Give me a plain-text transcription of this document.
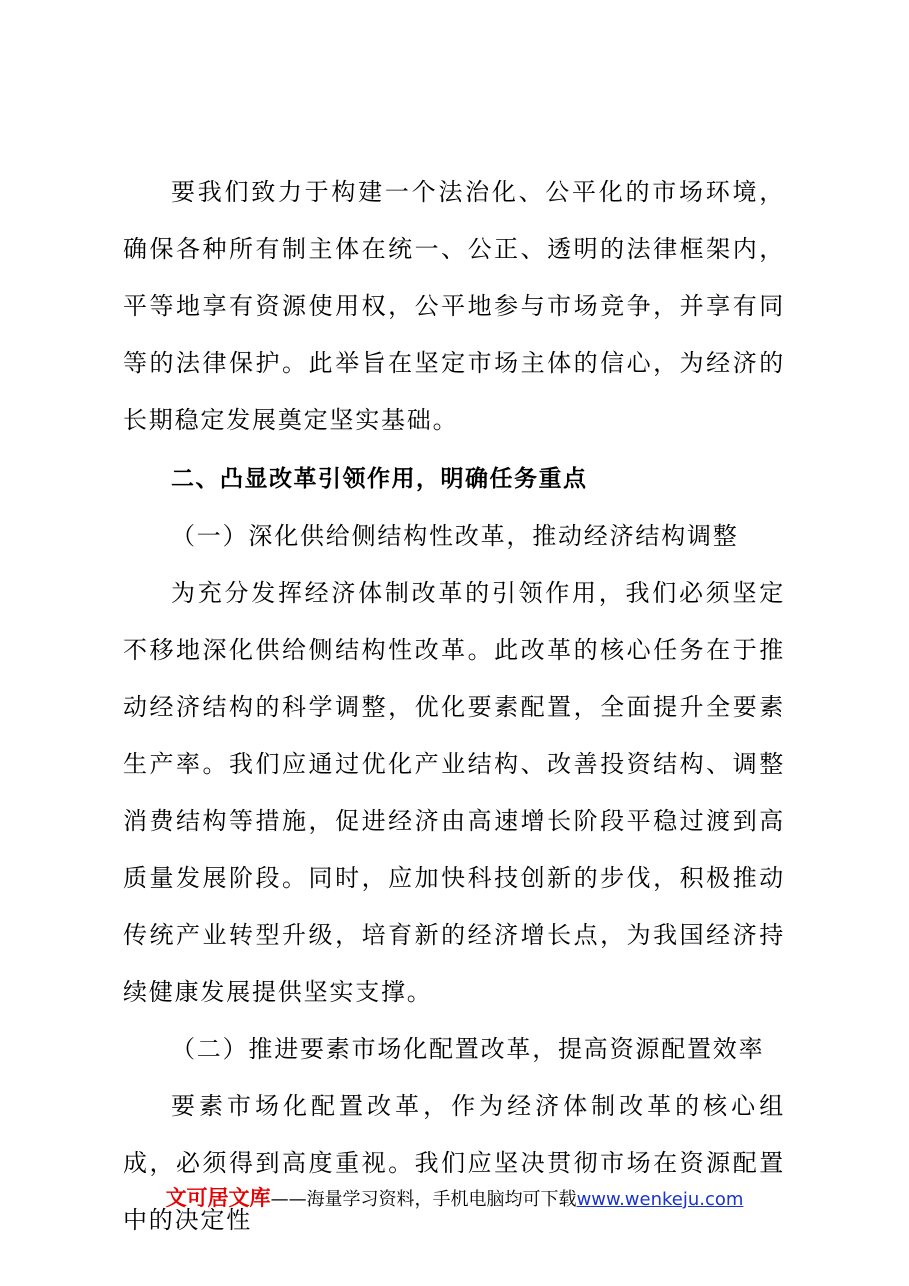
要我们致力于构建一个法治化、公平化的市场环境，确保各种所有制主体在统一、公正、透明的法律框架内，平等地享有资源使用权，公平地参与市场竞争，并享有同等的法律保护。此举旨在坚定市场主体的信心，为经济的长期稳定发展奠定坚实基础。

二、凸显改革引领作用，明确任务重点

（一）深化供给侧结构性改革，推动经济结构调整

为充分发挥经济体制改革的引领作用，我们必须坚定不移地深化供给侧结构性改革。此改革的核心任务在于推动经济结构的科学调整，优化要素配置，全面提升全要素生产率。我们应通过优化产业结构、改善投资结构、调整消费结构等措施，促进经济由高速增长阶段平稳过渡到高质量发展阶段。同时，应加快科技创新的步伐，积极推动传统产业转型升级，培育新的经济增长点，为我国经济持续健康发展提供坚实支撑。

（二）推进要素市场化配置改革，提高资源配置效率

要素市场化配置改革，作为经济体制改革的核心组成，必须得到高度重视。我们应坚决贯彻市场在资源配置中的决定性

文可居文库——海量学习资料，手机电脑均可下载www.wenkeju.com
